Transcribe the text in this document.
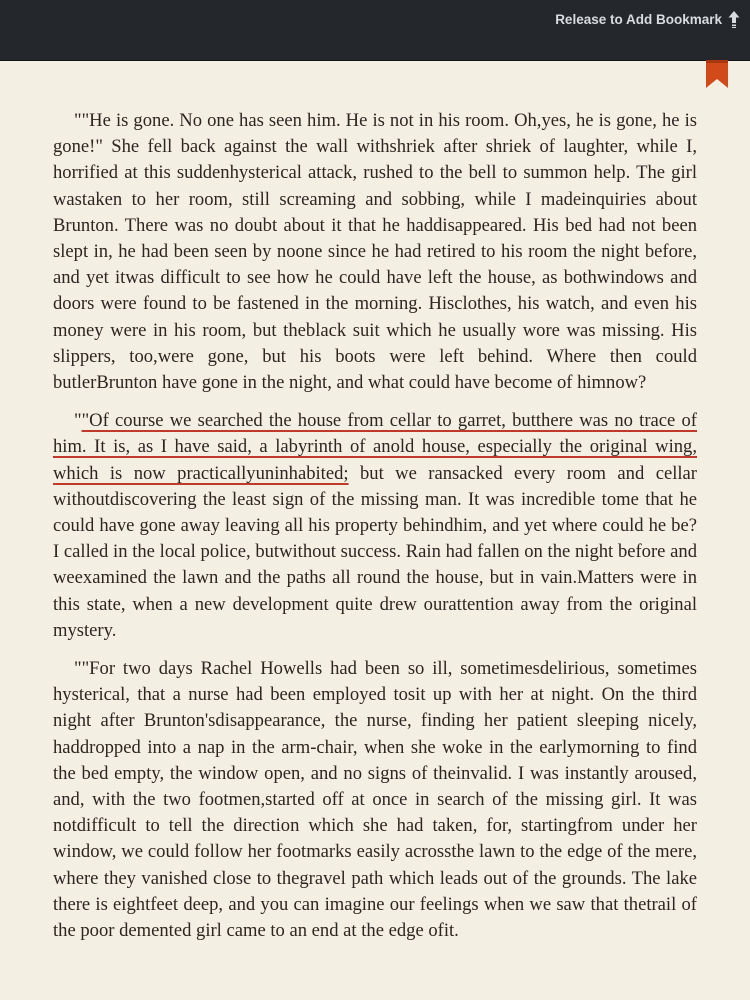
Release to Add Bookmark

""He is gone. No one has seen him. He is not in his room. Oh,yes, he is gone, he is gone!" She fell back against the wall withshriek after shriek of laughter, while I, horrified at this suddenhysterical attack, rushed to the bell to summon help. The girl wastaken to her room, still screaming and sobbing, while I madeinquiries about Brunton. There was no doubt about it that he haddisappeared. His bed had not been slept in, he had been seen by noone since he had retired to his room the night before, and yet itwas difficult to see how he could have left the house, as bothwindows and doors were found to be fastened in the morning. Hisclothes, his watch, and even his money were in his room, but theblack suit which he usually wore was missing. His slippers, too,were gone, but his boots were left behind. Where then could butlerBrunton have gone in the night, and what could have become of himnow?

""Of course we searched the house from cellar to garret, butthere was no trace of him. It is, as I have said, a labyrinth of anold house, especially the original wing, which is now practicallyuninhabited; but we ransacked every room and cellar withoutdiscovering the least sign of the missing man. It was incredible tome that he could have gone away leaving all his property behindhim, and yet where could he be? I called in the local police, butwithout success. Rain had fallen on the night before and weexamined the lawn and the paths all round the house, but in vain.Matters were in this state, when a new development quite drew ourattention away from the original mystery.

""For two days Rachel Howells had been so ill, sometimesdelirious, sometimes hysterical, that a nurse had been employed tosit up with her at night. On the third night after Brunton'sdisappearance, the nurse, finding her patient sleeping nicely, haddropped into a nap in the arm-chair, when she woke in the earlymorning to find the bed empty, the window open, and no signs of theinvalid. I was instantly aroused, and, with the two footmen,started off at once in search of the missing girl. It was notdifficult to tell the direction which she had taken, for, startingfrom under her window, we could follow her footmarks easily acrossthe lawn to the edge of the mere, where they vanished close to thegravel path which leads out of the grounds. The lake there is eightfeet deep, and you can imagine our feelings when we saw that thetrail of the poor demented girl came to an end at the edge ofit.
